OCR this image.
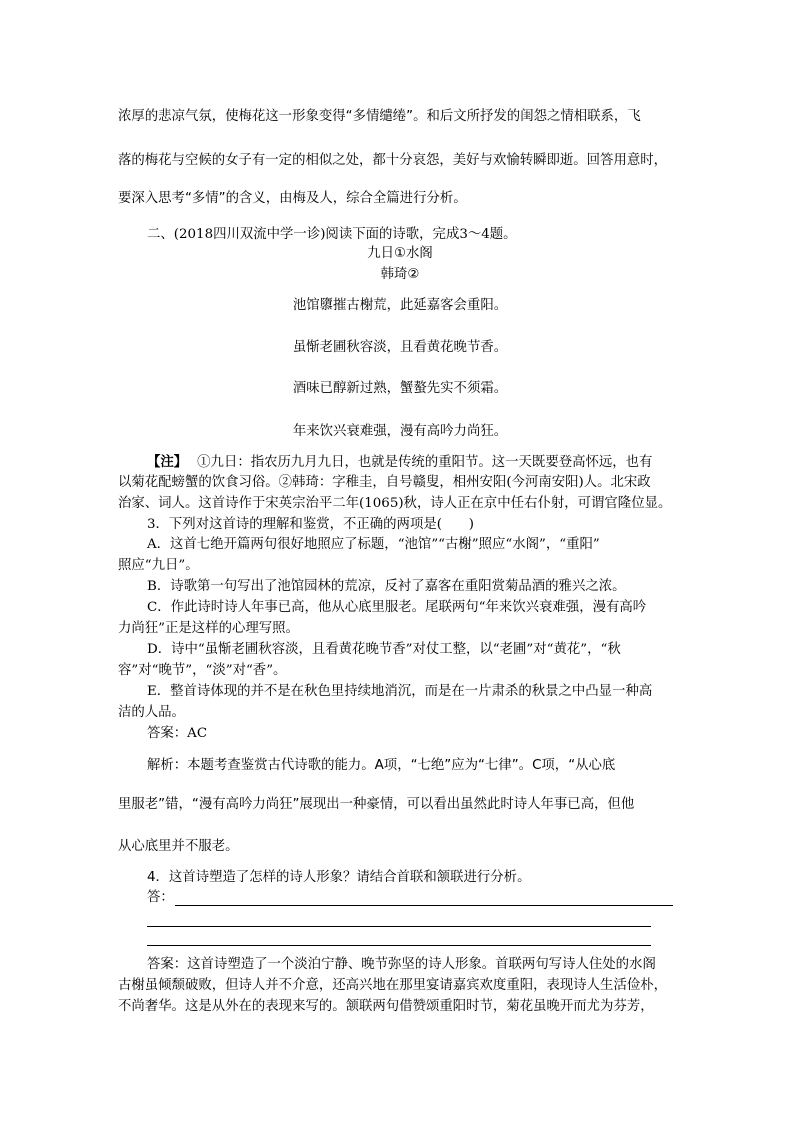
浓厚的悲凉气氛，使梅花这一形象变得“多情缱绻”。和后文所抒发的闺怨之情相联系，飞
落的梅花与空候的女子有一定的相似之处，都十分哀怨，美好与欢愉转瞬即逝。回答用意时，
要深入思考“多情”的含义，由梅及人，综合全篇进行分析。
二、(2018四川双流中学一诊)阅读下面的诗歌，完成3～4题。
九日①水阁
韩琦②
池馆隳摧古榭荒，此延嘉客会重阳。
虽惭老圃秋容淡，且看黄花晚节香。
酒味已醇新过熟，蟹螯先实不须霜。
年来饮兴衰难强，漫有高吟力尚狂。
【注】 ①九日：指农历九月九日，也就是传统的重阳节。这一天既要登高怀远，也有
以菊花配螃蟹的饮食习俗。②韩琦：字稚圭，自号赣叟，相州安阳(今河南安阳)人。北宋政
治家、词人。这首诗作于宋英宗治平二年(1065)秋，诗人正在京中任右仆射，可谓官隆位显。
3．下列对这首诗的理解和鉴赏，不正确的两项是(　　)
A．这首七绝开篇两句很好地照应了标题，“池馆”“古榭”照应“水阁”，“重阳”
照应“九日”。
B．诗歌第一句写出了池馆园林的荒凉，反衬了嘉客在重阳赏菊品酒的雅兴之浓。
C．作此诗时诗人年事已高，他从心底里服老。尾联两句“年来饮兴衰难强，漫有高吟
力尚狂”正是这样的心理写照。
D．诗中“虽惭老圃秋容淡，且看黄花晚节香”对仗工整，以“老圃”对“黄花”，“秋
容”对“晚节”，“淡”对“香”。
E．整首诗体现的并不是在秋色里持续地消沉，而是在一片肃杀的秋景之中凸显一种高
洁的人品。
答案：AC
解析：本题考查鉴赏古代诗歌的能力。A项，“七绝”应为“七律”。C项，“从心底
里服老”错，“漫有高吟力尚狂”展现出一种豪情，可以看出虽然此时诗人年事已高，但他
从心底里并不服老。
4．这首诗塑造了怎样的诗人形象？请结合首联和颔联进行分析。
答：
答案：这首诗塑造了一个淡泊宁静、晚节弥坚的诗人形象。首联两句写诗人住处的水阁
古榭虽倾颓破败，但诗人并不介意，还高兴地在那里宴请嘉宾欢度重阳，表现诗人生活俭朴，
不尚奢华。这是从外在的表现来写的。颔联两句借赞颂重阳时节，菊花虽晚开而尤为芬芳，
